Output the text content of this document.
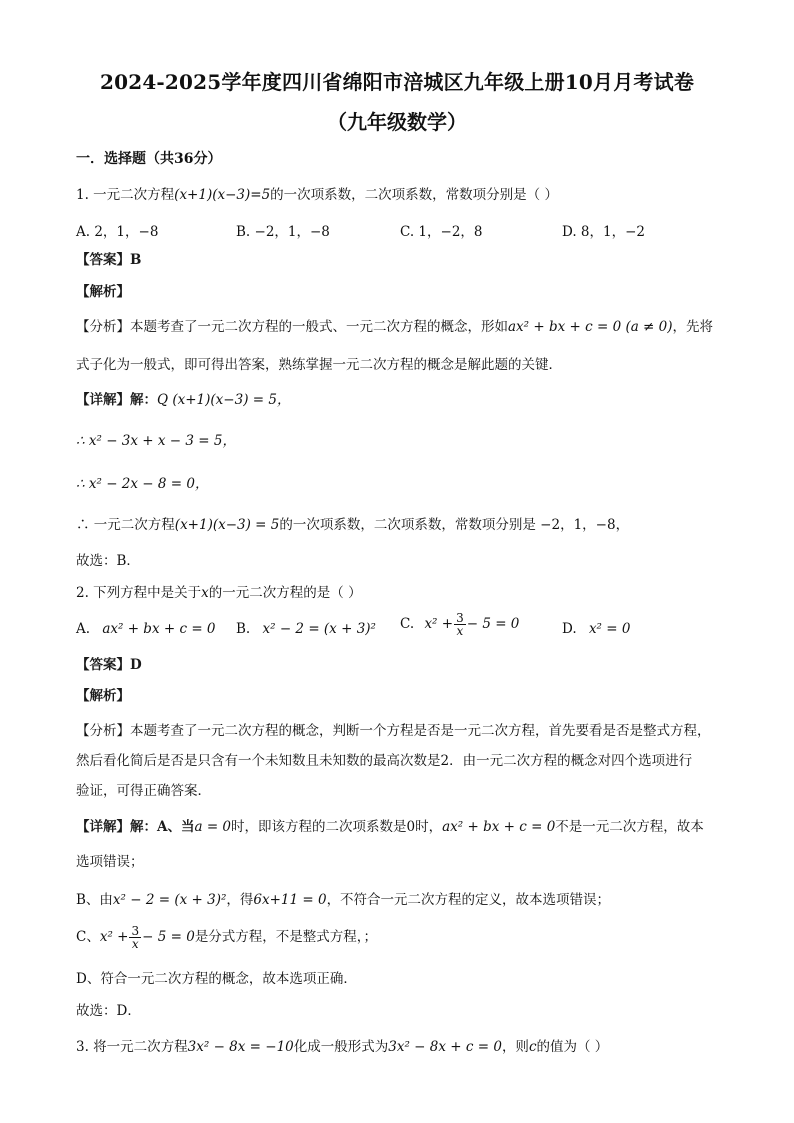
2024-2025学年度四川省绵阳市涪城区九年级上册10月月考试卷
（九年级数学）
一．选择题（共36分）
1. 一元二次方程(x+1)(x−3)=5的一次项系数，二次项系数，常数项分别是（ ）
A. 2，1，−8	B. −2，1，−8	C. 1，−2，8	D. 8，1，−2
【答案】B
【解析】
【分析】本题考查了一元二次方程的一般式、一元二次方程的概念，形如ax² + bx + c = 0 (a ≠ 0)，先将
式子化为一般式，即可得出答案，熟练掌握一元二次方程的概念是解此题的关键．
【详解】解：Q (x+1)(x−3) = 5，
∴ x² − 3x + x − 3 = 5，
∴ x² − 2x − 8 = 0，
∴ 一元二次方程(x+1)(x−3) = 5的一次项系数，二次项系数，常数项分别是 −2，1，−8，
故选：B．
2. 下列方程中是关于x的一元二次方程的是（ ）
A. ax² + bx + c = 0 B. x² − 2 = (x + 3)² C. $x^2 + \frac{3}{x} - 5 = 0$	D. x² = 0
【答案】D
【解析】
【分析】本题考查了一元二次方程的概念，判断一个方程是否是一元二次方程，首先要看是否是整式方程，
然后看化简后是否是只含有一个未知数且未知数的最高次数是2．由一元二次方程的概念对四个选项进行
验证，可得正确答案．
【详解】解：A、当a = 0时，即该方程的二次项系数是0时，ax² + bx + c = 0不是一元二次方程，故本
选项错误；
B、由x² − 2 = (x + 3)²，得6x+11 = 0，不符合一元二次方程的定义，故本选项错误；
C、$x^2 + \frac{3}{x} - 5 = 0$是分式方程，不是整式方程，；
D、符合一元二次方程的概念，故本选项正确．
故选：D．
3. 将一元二次方程3x² − 8x = −10化成一般形式为3x² − 8x + c = 0，则c的值为（ ）
